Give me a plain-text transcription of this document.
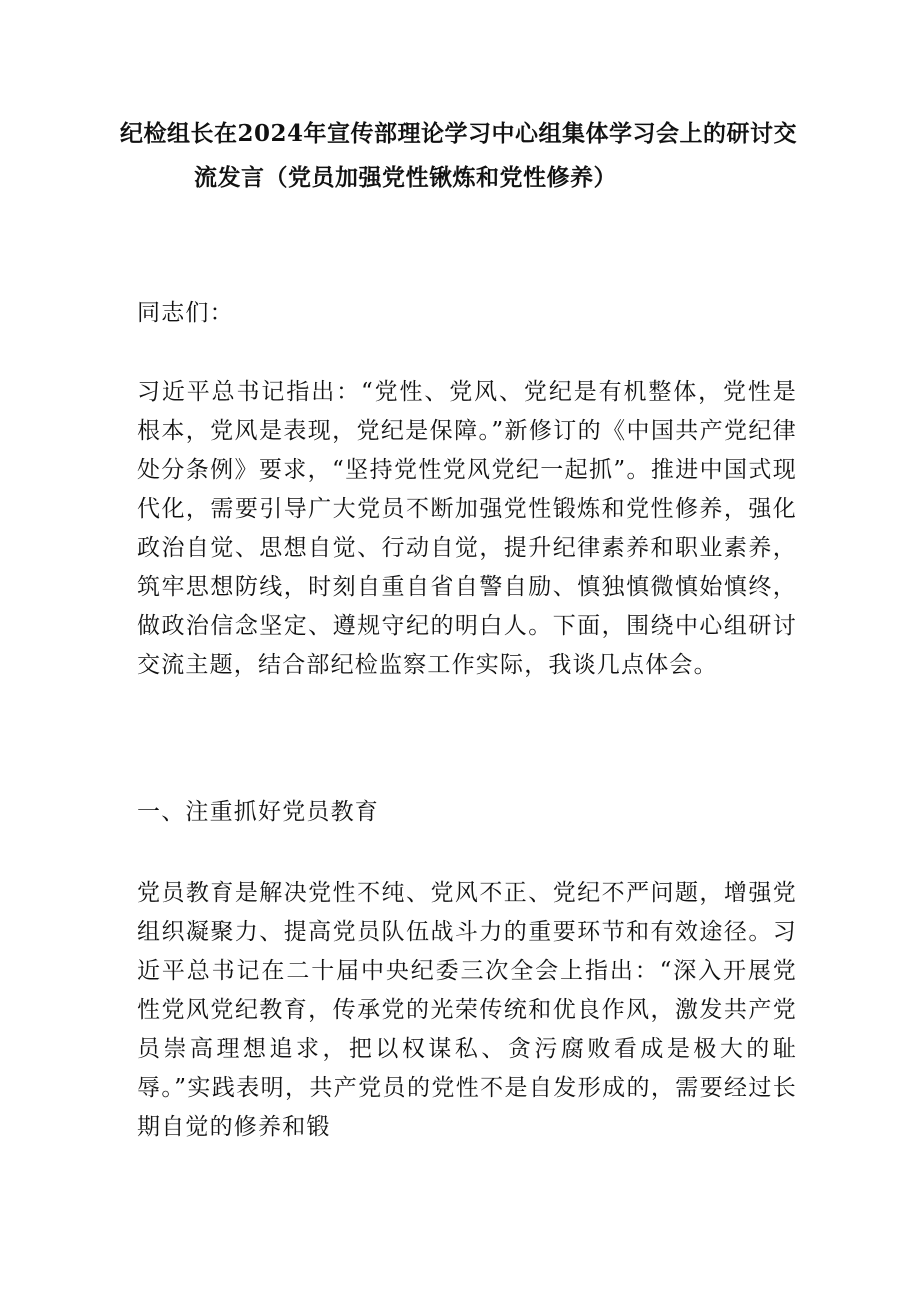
纪检组长在2024年宣传部理论学习中心组集体学习会上的研讨交
流发言（党员加强党性锹炼和党性修养）

同志们：

习近平总书记指出：“党性、党风、党纪是有机整体，党性是根本，党风是表现，党纪是保障。”新修订的《中国共产党纪律处分条例》要求，“坚持党性党风党纪一起抓”。推进中国式现代化，需要引导广大党员不断加强党性锻炼和党性修养，强化政治自觉、思想自觉、行动自觉，提升纪律素养和职业素养，筑牢思想防线，时刻自重自省自警自励、慎独慎微慎始慎终，做政治信念坚定、遵规守纪的明白人。下面，围绕中心组研讨交流主题，结合部纪检监察工作实际，我谈几点体会。

一、注重抓好党员教育

党员教育是解决党性不纯、党风不正、党纪不严问题，增强党组织凝聚力、提高党员队伍战斗力的重要环节和有效途径。习近平总书记在二十届中央纪委三次全会上指出：“深入开展党性党风党纪教育，传承党的光荣传统和优良作风，激发共产党员崇高理想追求，把以权谋私、贪污腐败看成是极大的耻辱。”实践表明，共产党员的党性不是自发形成的，需要经过长期自觉的修养和锻
